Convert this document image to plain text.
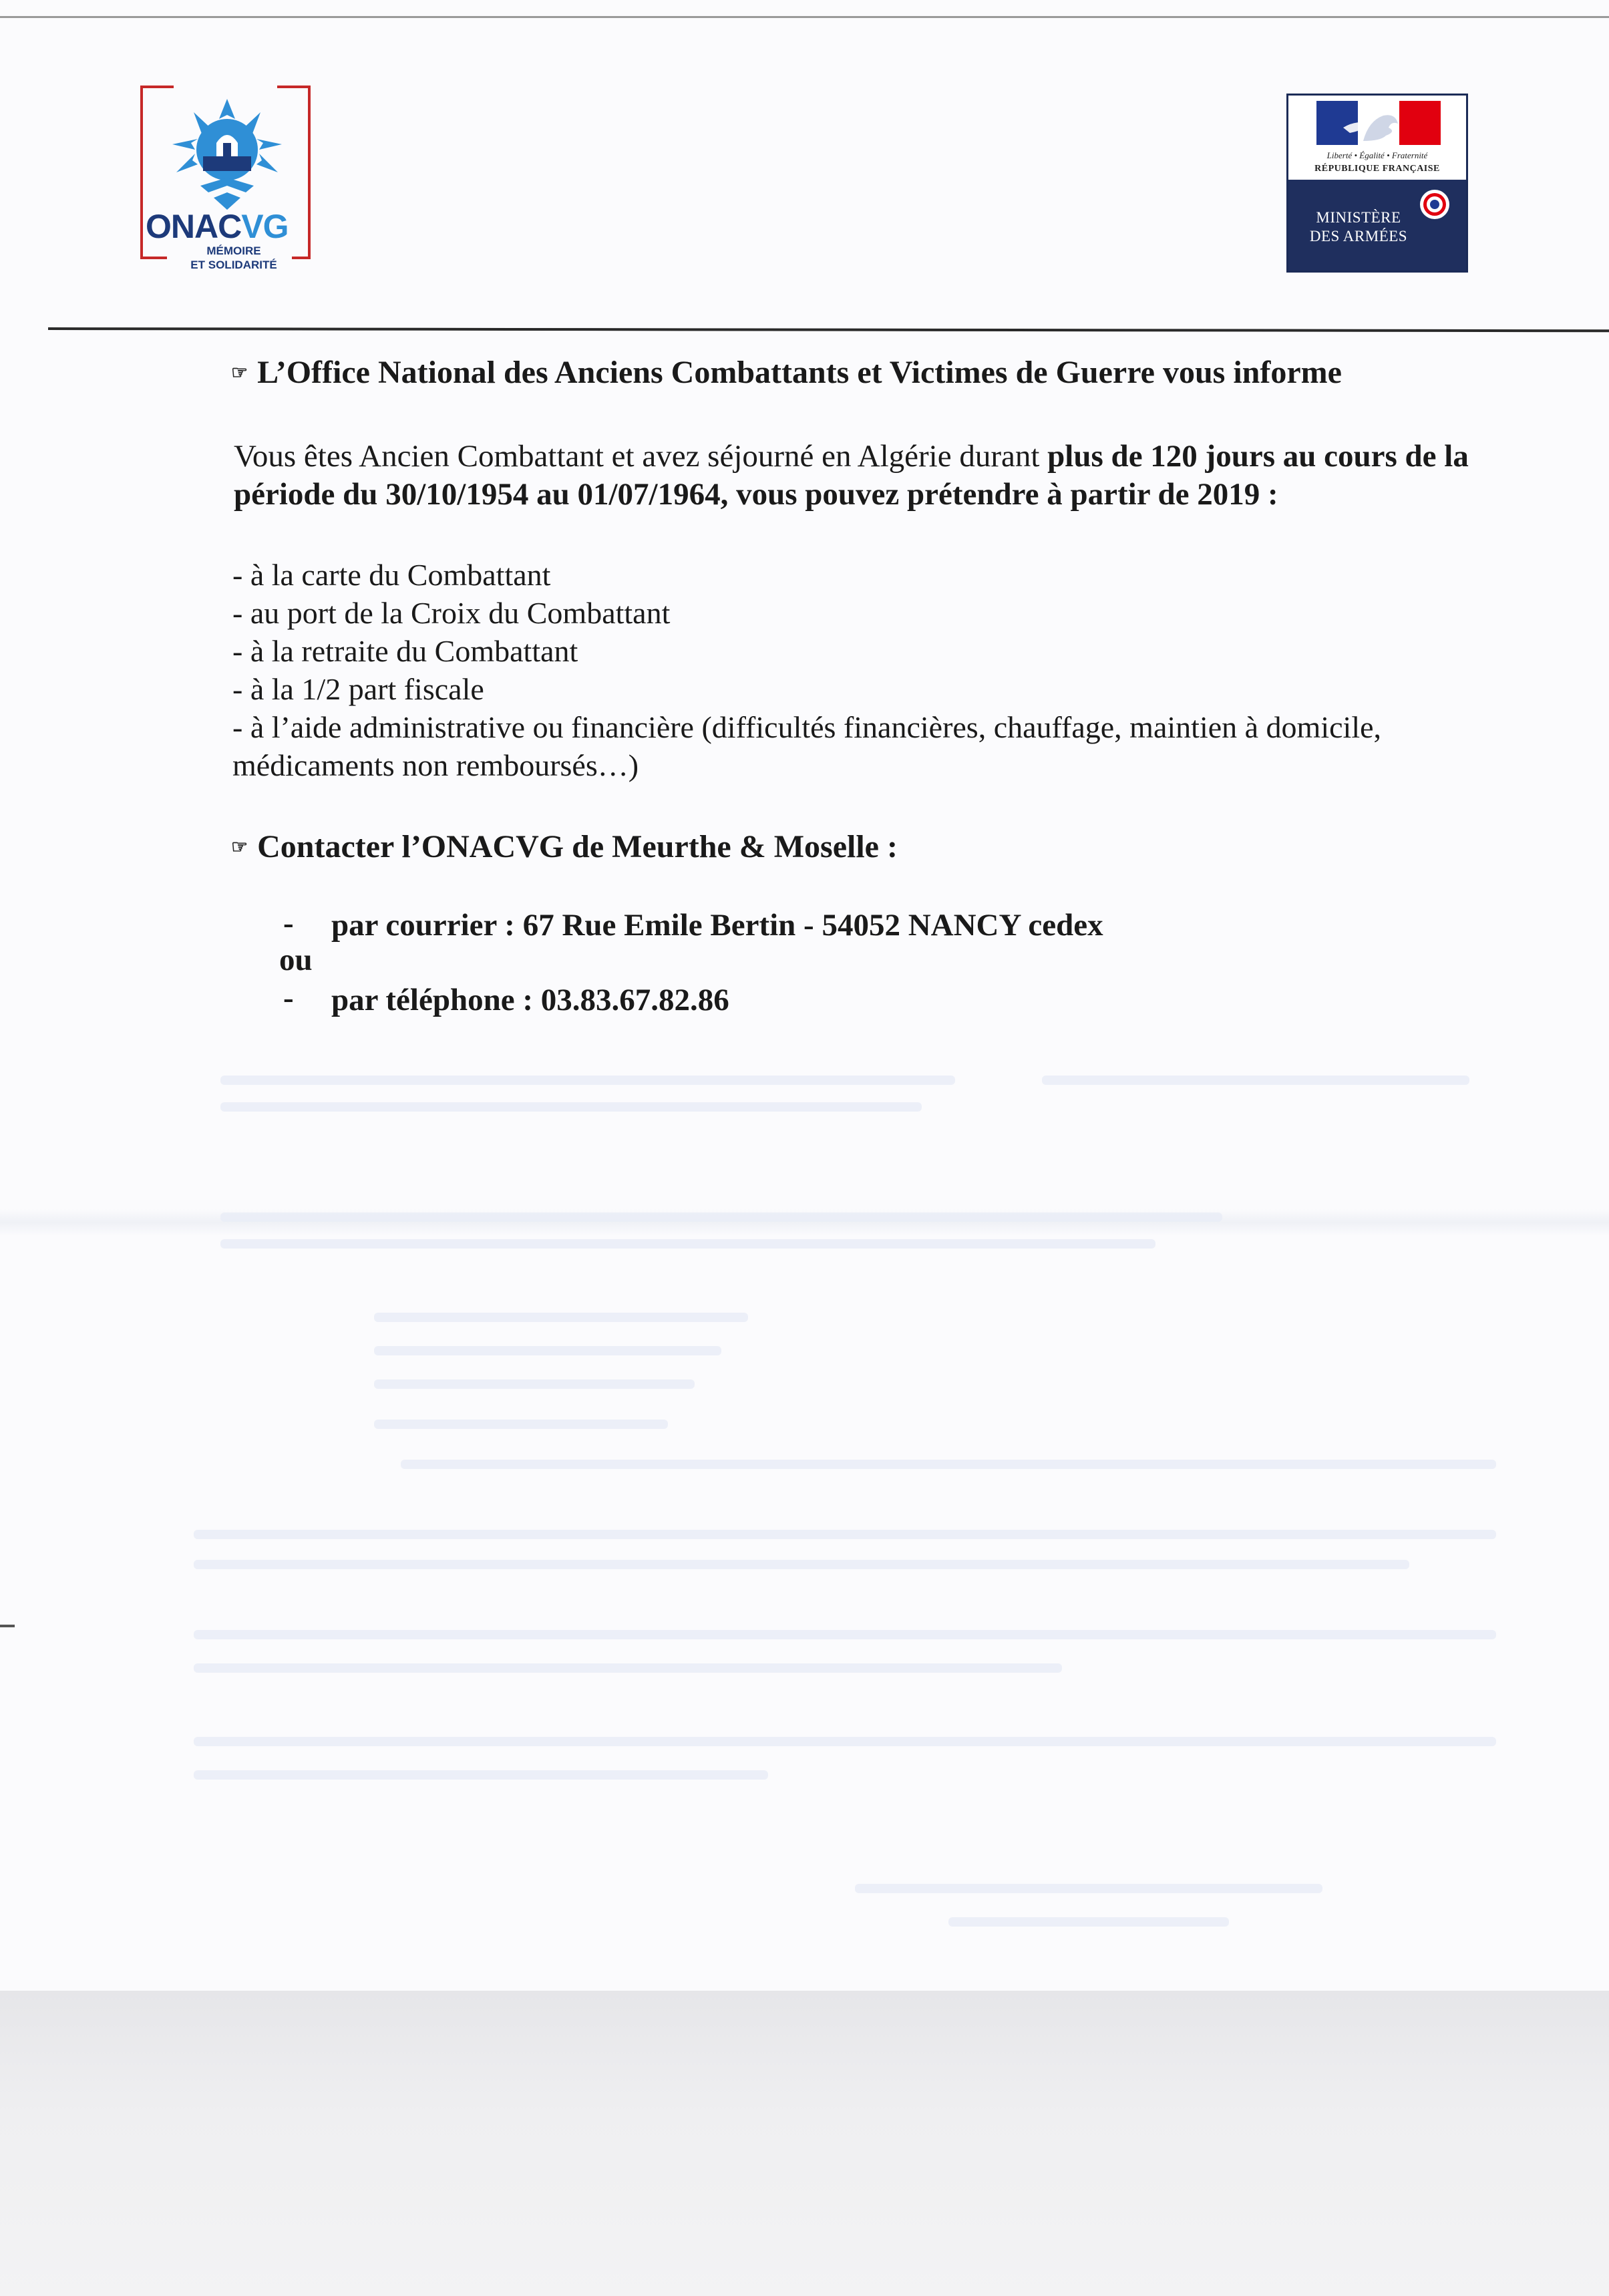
ONACVG
MÉMOIRE
ET SOLIDARITÉ
Liberté • Égalité • Fraternité
RÉPUBLIQUE FRANÇAISE
MINISTÈRE
DES ARMÉES
☞ L’Office National des Anciens Combattants et Victimes de Guerre vous informe
Vous êtes Ancien Combattant et avez séjourné en Algérie durant plus de 120 jours au cours de la période du 30/10/1954 au 01/07/1964, vous pouvez prétendre à partir de 2019 :
- à la carte du Combattant
- au port de la Croix du Combattant
- à la retraite du Combattant
- à la 1/2 part fiscale
- à l’aide administrative ou financière (difficultés financières, chauffage, maintien à domicile, médicaments non remboursés…)
☞ Contacter l’ONACVG de Meurthe & Moselle :
- par courrier : 67 Rue Emile Bertin - 54052 NANCY cedex
ou
- par téléphone : 03.83.67.82.86
